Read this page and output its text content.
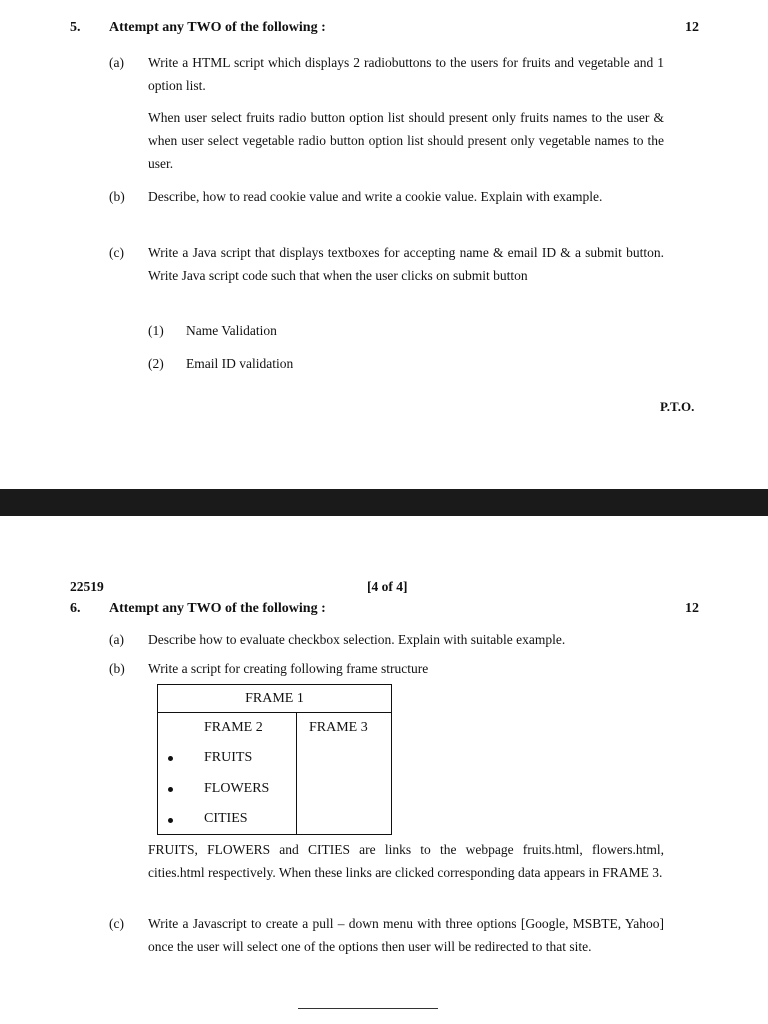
5. Attempt any TWO of the following :	12
(a) Write a HTML script which displays 2 radiobuttons to the users for fruits and vegetable and 1 option list.
When user select fruits radio button option list should present only fruits names to the user & when user select vegetable radio button option list should present only vegetable names to the user.
(b) Describe, how to read cookie value and write a cookie value. Explain with example.
(c) Write a Java script that displays textboxes for accepting name & email ID & a submit button. Write Java script code such that when the user clicks on submit button
(1) Name Validation
(2) Email ID validation
P.T.O.
22519	[4 of 4]
6. Attempt any TWO of the following :	12
(a) Describe how to evaluate checkbox selection. Explain with suitable example.
(b) Write a script for creating following frame structure
FRAME 1
FRAME 2	FRAME 3
FRUITS
FLOWERS
CITIES
FRUITS, FLOWERS and CITIES are links to the webpage fruits.html, flowers.html, cities.html respectively. When these links are clicked corresponding data appears in FRAME 3.
(c) Write a Javascript to create a pull – down menu with three options [Google, MSBTE, Yahoo] once the user will select one of the options then user will be redirected to that site.
